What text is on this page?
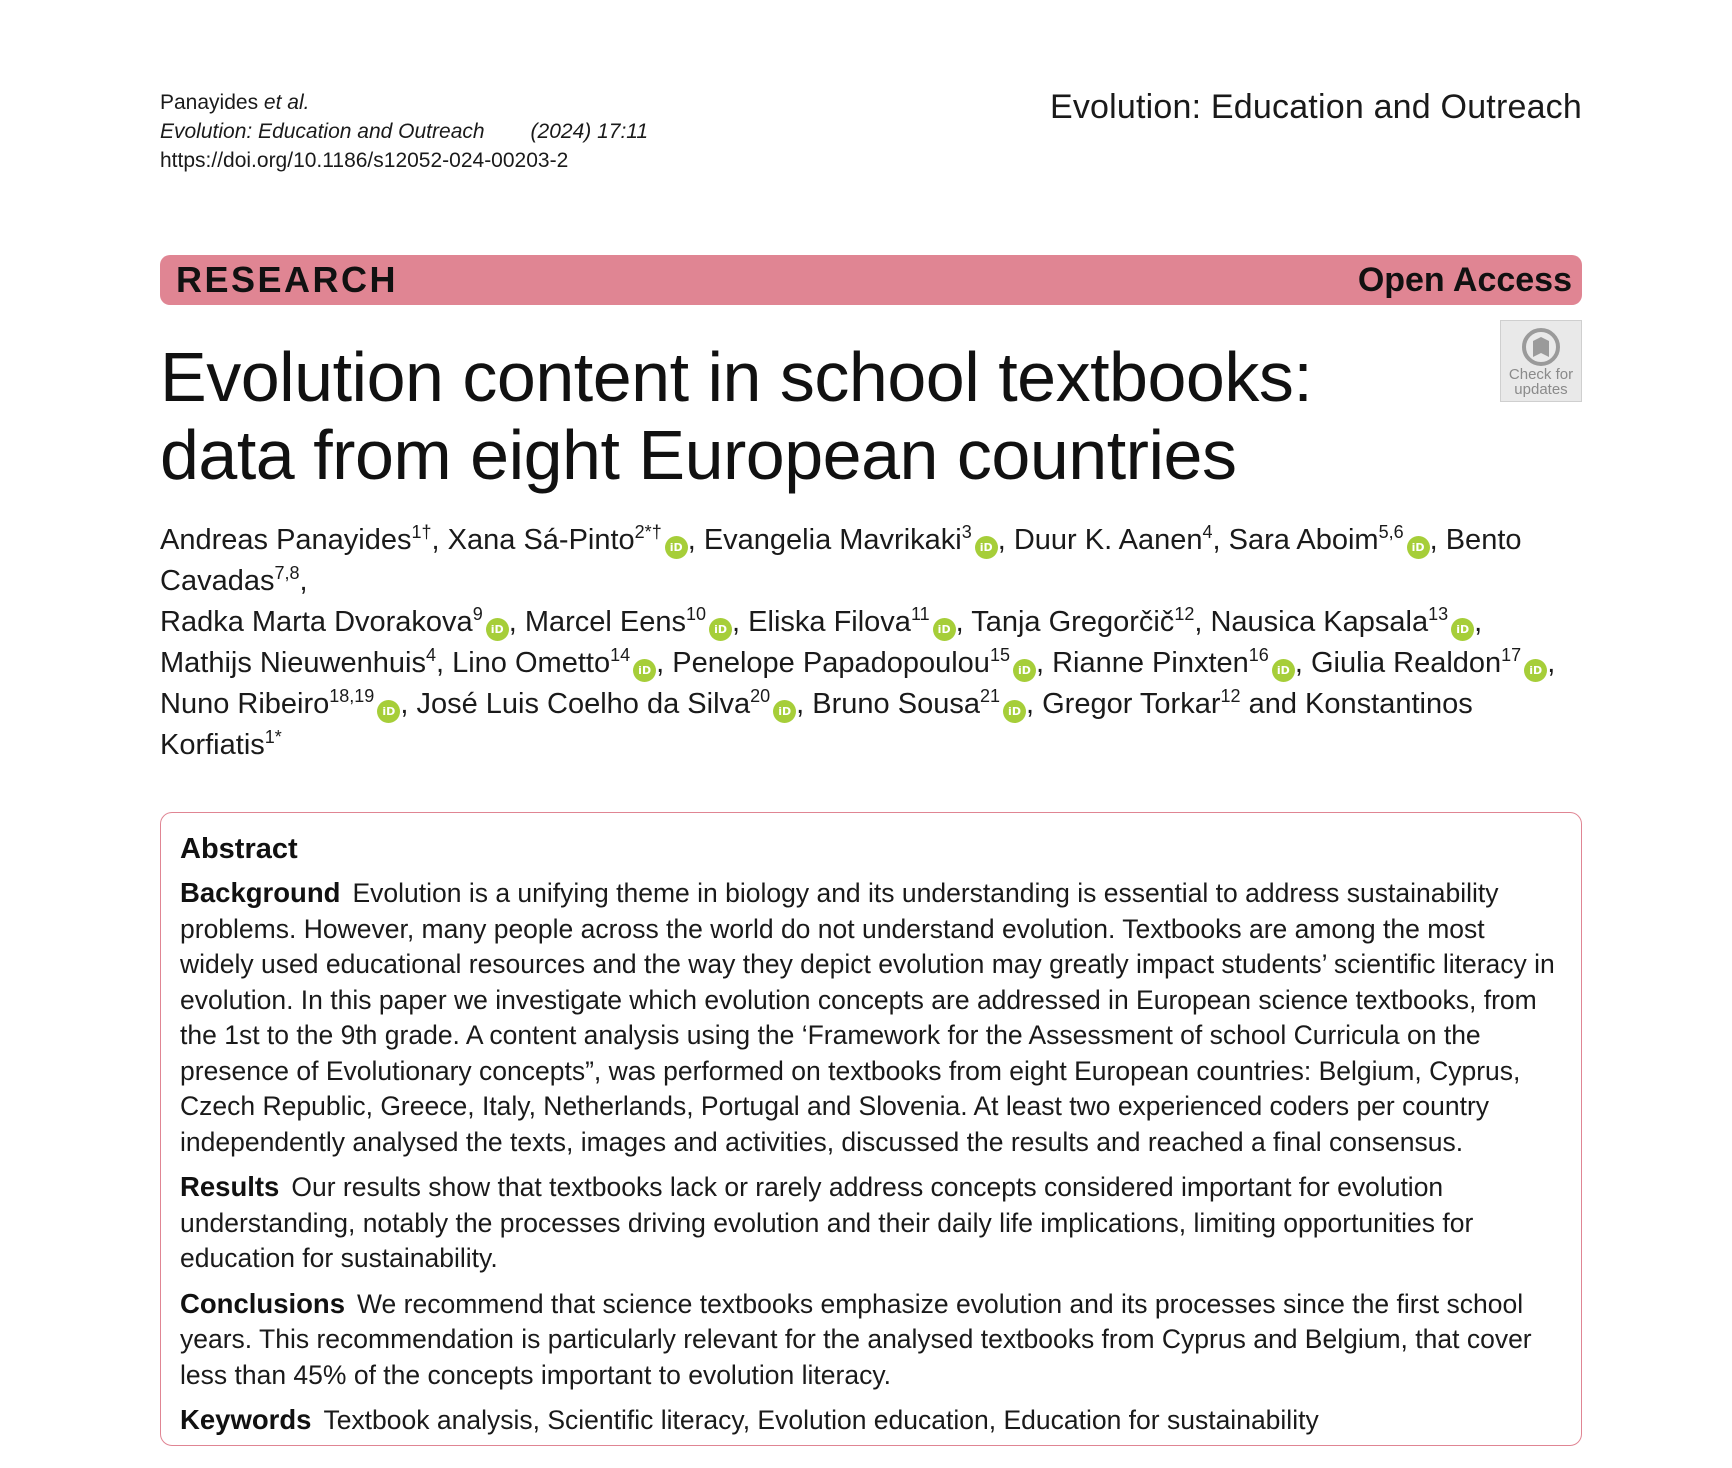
Panayides et al.
Evolution: Education and Outreach (2024) 17:11
https://doi.org/10.1186/s12052-024-00203-2
Evolution: Education and Outreach
RESEARCH	Open Access
Evolution content in school textbooks: data from eight European countries
Check for
updates
Andreas Panayides$^{1\dagger}$, Xana Sá-Pinto$^{2*\dagger}$iD , Evangelia Mavrikaki$^3$iD , Duur K. Aanen$^4$, Sara Aboim$^{5,6}$iD , Bento Cavadas$^{7,8}$,
Radka Marta Dvorakova$^9$iD , Marcel Eens$^{10}$iD , Eliska Filova$^{11}$iD , Tanja Gregorčič$^{12}$, Nausica Kapsala$^{13}$iD ,
Mathijs Nieuwenhuis$^4$, Lino Ometto$^{14}$iD , Penelope Papadopoulou$^{15}$iD , Rianne Pinxten$^{16}$iD , Giulia Realdon$^{17}$iD ,
Nuno Ribeiro$^{18,19}$iD , José Luis Coelho da Silva$^{20}$iD , Bruno Sousa$^{21}$iD , Gregor Torkar$^{12}$ and Konstantinos Korfiatis$^{1*}$

Abstract

Background Evolution is a unifying theme in biology and its understanding is essential to address sustainability problems. However, many people across the world do not understand evolution. Textbooks are among the most widely used educational resources and the way they depict evolution may greatly impact students’ scientific literacy in evolution. In this paper we investigate which evolution concepts are addressed in European science textbooks, from the 1st to the 9th grade. A content analysis using the ‘Framework for the Assessment of school Curricula on the presence of Evolutionary concepts”, was performed on textbooks from eight European countries: Belgium, Cyprus, Czech Republic, Greece, Italy, Netherlands, Portugal and Slovenia. At least two experienced coders per country independently analysed the texts, images and activities, discussed the results and reached a final consensus.

Results Our results show that textbooks lack or rarely address concepts considered important for evolution understanding, notably the processes driving evolution and their daily life implications, limiting opportunities for education for sustainability.

Conclusions We recommend that science textbooks emphasize evolution and its processes since the first school years. This recommendation is particularly relevant for the analysed textbooks from Cyprus and Belgium, that cover less than 45% of the concepts important to evolution literacy.

Keywords Textbook analysis, Scientific literacy, Evolution education, Education for sustainability
